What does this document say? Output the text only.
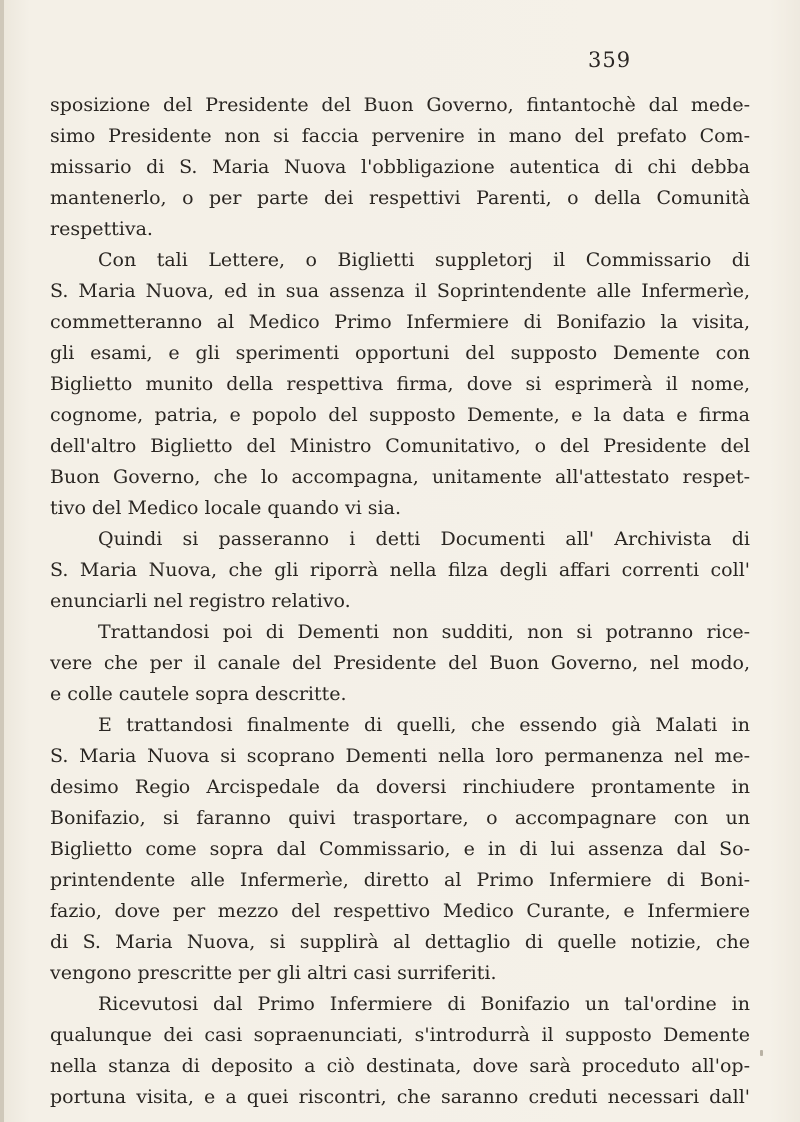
359
sposizione del Presidente del Buon Governo, fintantochè dal mede-
simo Presidente non si faccia pervenire in mano del prefato Com-
missario di S. Maria Nuova l'obbligazione autentica di chi debba
mantenerlo, o per parte dei respettivi Parenti, o della Comunità
respettiva.
Con tali Lettere, o Biglietti suppletorj il Commissario di
S. Maria Nuova, ed in sua assenza il Soprintendente alle Infermerìe,
commetteranno al Medico Primo Infermiere di Bonifazio la visita,
gli esami, e gli sperimenti opportuni del supposto Demente con
Biglietto munito della respettiva firma, dove si esprimerà il nome,
cognome, patria, e popolo del supposto Demente, e la data e firma
dell'altro Biglietto del Ministro Comunitativo, o del Presidente del
Buon Governo, che lo accompagna, unitamente all'attestato respet-
tivo del Medico locale quando vi sia.
Quindi si passeranno i detti Documenti all' Archivista di
S. Maria Nuova, che gli riporrà nella filza degli affari correnti coll'
enunciarli nel registro relativo.
Trattandosi poi di Dementi non sudditi, non si potranno rice-
vere che per il canale del Presidente del Buon Governo, nel modo,
e colle cautele sopra descritte.
E trattandosi finalmente di quelli, che essendo già Malati in
S. Maria Nuova si scoprano Dementi nella loro permanenza nel me-
desimo Regio Arcispedale da doversi rinchiudere prontamente in
Bonifazio, si faranno quivi trasportare, o accompagnare con un
Biglietto come sopra dal Commissario, e in di lui assenza dal So-
printendente alle Infermerìe, diretto al Primo Infermiere di Boni-
fazio, dove per mezzo del respettivo Medico Curante, e Infermiere
di S. Maria Nuova, si supplirà al dettaglio di quelle notizie, che
vengono prescritte per gli altri casi surriferiti.
Ricevutosi dal Primo Infermiere di Bonifazio un tal'ordine in
qualunque dei casi sopraenunciati, s'introdurrà il supposto Demente
nella stanza di deposito a ciò destinata, dove sarà proceduto all'op-
portuna visita, e a quei riscontri, che saranno creduti necessari dall'
